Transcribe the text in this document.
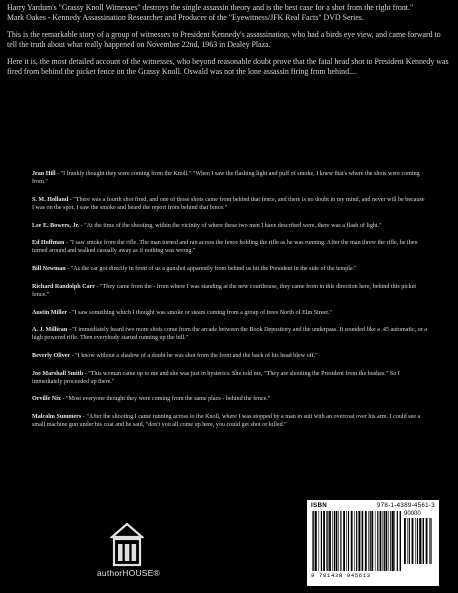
Harry Yardum's "Grassy Knoll Witnesses" destroys the single assassin theory and is the best case for a shot from the right front."
Mark Oakes - Kennedy Assassination Researcher and Producer of the "Eyewitness/JFK Real Facts" DVD Series.

This is the remarkable story of a group of witnesses to President Kennedy's assassination, who had a birds eye view, and came forward to tell the truth about what really happened on November 22nd, 1963 in Dealey Plaza.

Here it is, the most detailed account of the witnesses, who beyond reasonable doubt prove that the fatal head shot to President Kennedy was fired from behind the picket fence on the Grassy Knoll. Oswald was not the lone assassin firing from behind....

Jean Hill - "I frankly thought they were coming from the Knoll." "When I saw the flashing light and puff of smoke, I knew that's where the shots were coming from."

S. M. Holland - "There was a fourth shot fired, and one of those shots came from behind that fence, and there is no doubt in my mind, and never will be because I was on the spot. I saw the smoke and heard the report from behind that fence."

Lee E. Bowers, Jr. - "At the time of the shooting, within the vicinity of where these two men I have described were, there was a flash of light."

Ed Hoffman - "I saw smoke from the rifle. The man turned and ran across the fence holding the rifle as he was running. After the man threw the rifle, he then turned around and walked casually away as if nothing was wrong."

Bill Newman - "As the car got directly in front of us a gunshot apparently from behind us hit the President in the side of the temple."

Richard Randolph Carr - "They came from the - from where I was standing at the new courthouse, they came from in this direction here, behind this picket fence."

Austin Miller - "I saw something which I thought was smoke or steam coming from a group of trees North of Elm Street."

A. J. Millican - "I immediately heard two more shots come from the arcade between the Book Depository and the underpass. It sounded like a .45 automatic, or a high powered rifle. Then everybody started running up the hill."

Beverly Oliver - "I know without a shadow of a doubt he was shot from the front and the back of his head blew off."

Joe Marshall Smith - "This woman came up to me and she was just in hysterics. She told me, "They are shooting the President from the bushes." So I immediately proceeded up there."

Orville Nix - "Most everyone thought they were coming from the same place - behind the fence."

Malcolm Summers - "After the shooting I came running across to the Knoll, where I was stopped by a man in suit with an overcoat over his arm. I could see a small machine gun under his coat and he said, "don't you all come up here, you could get shot or killed."

authorHOUSE®
ISBN	978-1-4389-4561-3
90000
9 781438 945613
